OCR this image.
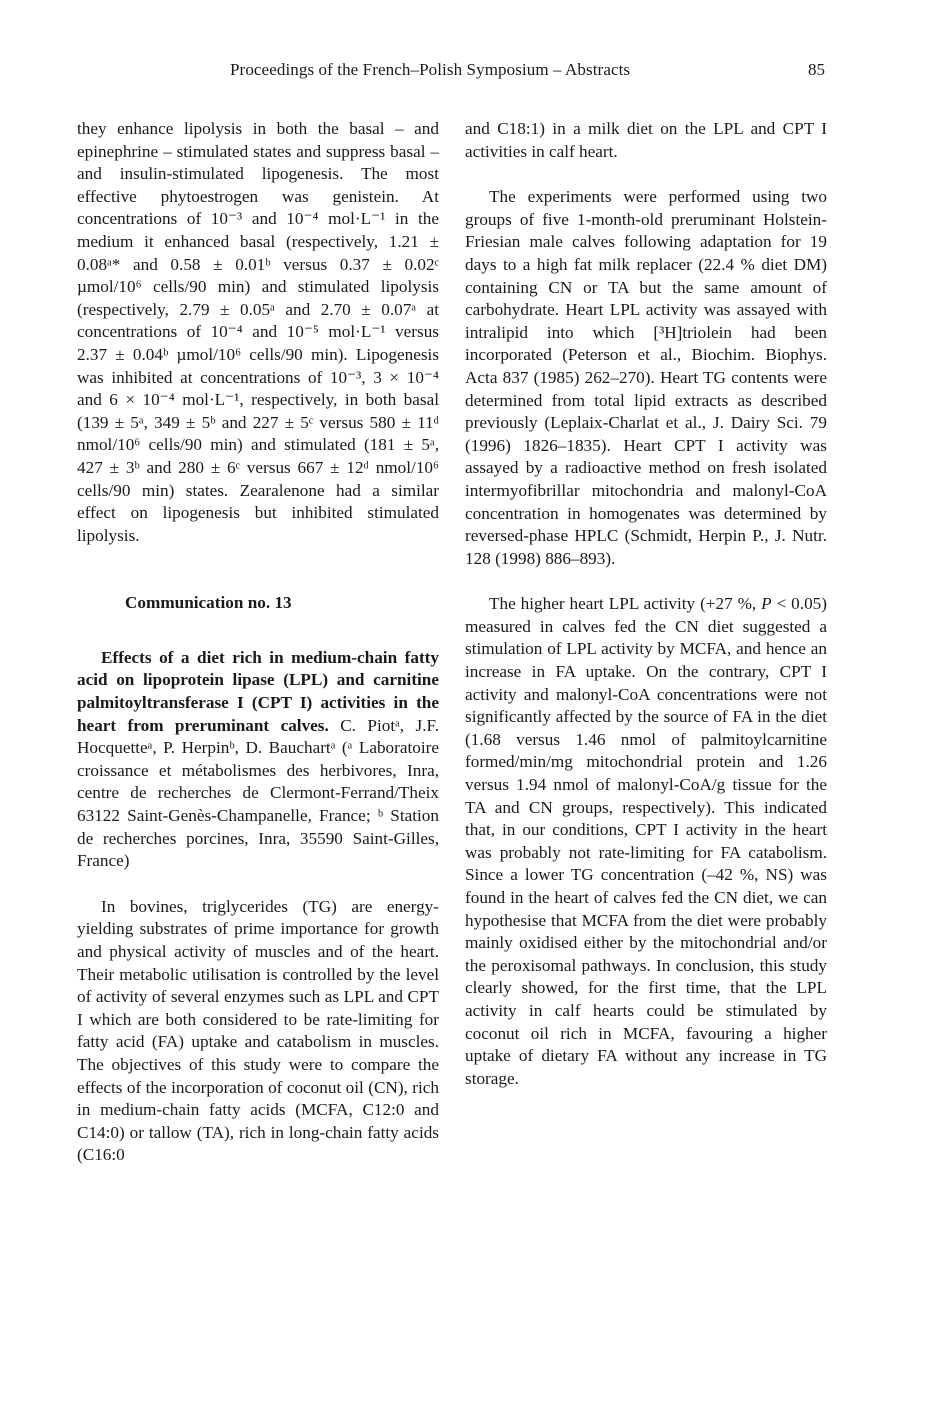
Proceedings of the French–Polish Symposium – Abstracts	85

they enhance lipolysis in both the basal – and epinephrine – stimulated states and suppress basal – and insulin-stimulated lipogenesis. The most effective phytoestrogen was genistein. At concentrations of 10⁻³ and 10⁻⁴ mol·L⁻¹ in the medium it enhanced basal (respectively, 1.21 ± 0.08ᵃ* and 0.58 ± 0.01ᵇ versus 0.37 ± 0.02ᶜ µmol/10⁶ cells/90 min) and stimulated lipolysis (respectively, 2.79 ± 0.05ᵃ and 2.70 ± 0.07ᵃ at concentrations of 10⁻⁴ and 10⁻⁵ mol·L⁻¹ versus 2.37 ± 0.04ᵇ µmol/10⁶ cells/90 min). Lipogenesis was inhibited at concentrations of 10⁻³, 3 × 10⁻⁴ and 6 × 10⁻⁴ mol·L⁻¹, respectively, in both basal (139 ± 5ᵃ, 349 ± 5ᵇ and 227 ± 5ᶜ versus 580 ± 11ᵈ nmol/10⁶ cells/90 min) and stimulated (181 ± 5ᵃ, 427 ± 3ᵇ and 280 ± 6ᶜ versus 667 ± 12ᵈ nmol/10⁶ cells/90 min) states. Zearalenone had a similar effect on lipogenesis but inhibited stimulated lipolysis.

Communication no. 13

Effects of a diet rich in medium-chain fatty acid on lipoprotein lipase (LPL) and carnitine palmitoyltransferase I (CPT I) activities in the heart from preruminant calves. C. Piotᵃ, J.F. Hocquetteᵃ, P. Herpinᵇ, D. Bauchartᵃ (ᵃ Laboratoire croissance et métabolismes des herbivores, Inra, centre de recherches de Clermont-Ferrand/Theix 63122 Saint-Genès-Champanelle, France; ᵇ Station de recherches porcines, Inra, 35590 Saint-Gilles, France)

In bovines, triglycerides (TG) are energy-yielding substrates of prime importance for growth and physical activity of muscles and of the heart. Their metabolic utilisation is controlled by the level of activity of several enzymes such as LPL and CPT I which are both considered to be rate-limiting for fatty acid (FA) uptake and catabolism in muscles. The objectives of this study were to compare the effects of the incorporation of coconut oil (CN), rich in medium-chain fatty acids (MCFA, C12:0 and C14:0) or tallow (TA), rich in long-chain fatty acids (C16:0

and C18:1) in a milk diet on the LPL and CPT I activities in calf heart.

The experiments were performed using two groups of five 1-month-old preruminant Holstein-Friesian male calves following adaptation for 19 days to a high fat milk replacer (22.4 % diet DM) containing CN or TA but the same amount of carbohydrate. Heart LPL activity was assayed with intralipid into which [³H]triolein had been incorporated (Peterson et al., Biochim. Biophys. Acta 837 (1985) 262–270). Heart TG contents were determined from total lipid extracts as described previously (Leplaix-Charlat et al., J. Dairy Sci. 79 (1996) 1826–1835). Heart CPT I activity was assayed by a radioactive method on fresh isolated intermyofibrillar mitochondria and malonyl-CoA concentration in homogenates was determined by reversed-phase HPLC (Schmidt, Herpin P., J. Nutr. 128 (1998) 886–893).

The higher heart LPL activity (+27 %, P < 0.05) measured in calves fed the CN diet suggested a stimulation of LPL activity by MCFA, and hence an increase in FA uptake. On the contrary, CPT I activity and malonyl-CoA concentrations were not significantly affected by the source of FA in the diet (1.68 versus 1.46 nmol of palmitoylcarnitine formed/min/mg mitochondrial protein and 1.26 versus 1.94 nmol of malonyl-CoA/g tissue for the TA and CN groups, respectively). This indicated that, in our conditions, CPT I activity in the heart was probably not rate-limiting for FA catabolism. Since a lower TG concentration (–42 %, NS) was found in the heart of calves fed the CN diet, we can hypothesise that MCFA from the diet were probably mainly oxidised either by the mitochondrial and/or the peroxisomal pathways. In conclusion, this study clearly showed, for the first time, that the LPL activity in calf hearts could be stimulated by coconut oil rich in MCFA, favouring a higher uptake of dietary FA without any increase in TG storage.
